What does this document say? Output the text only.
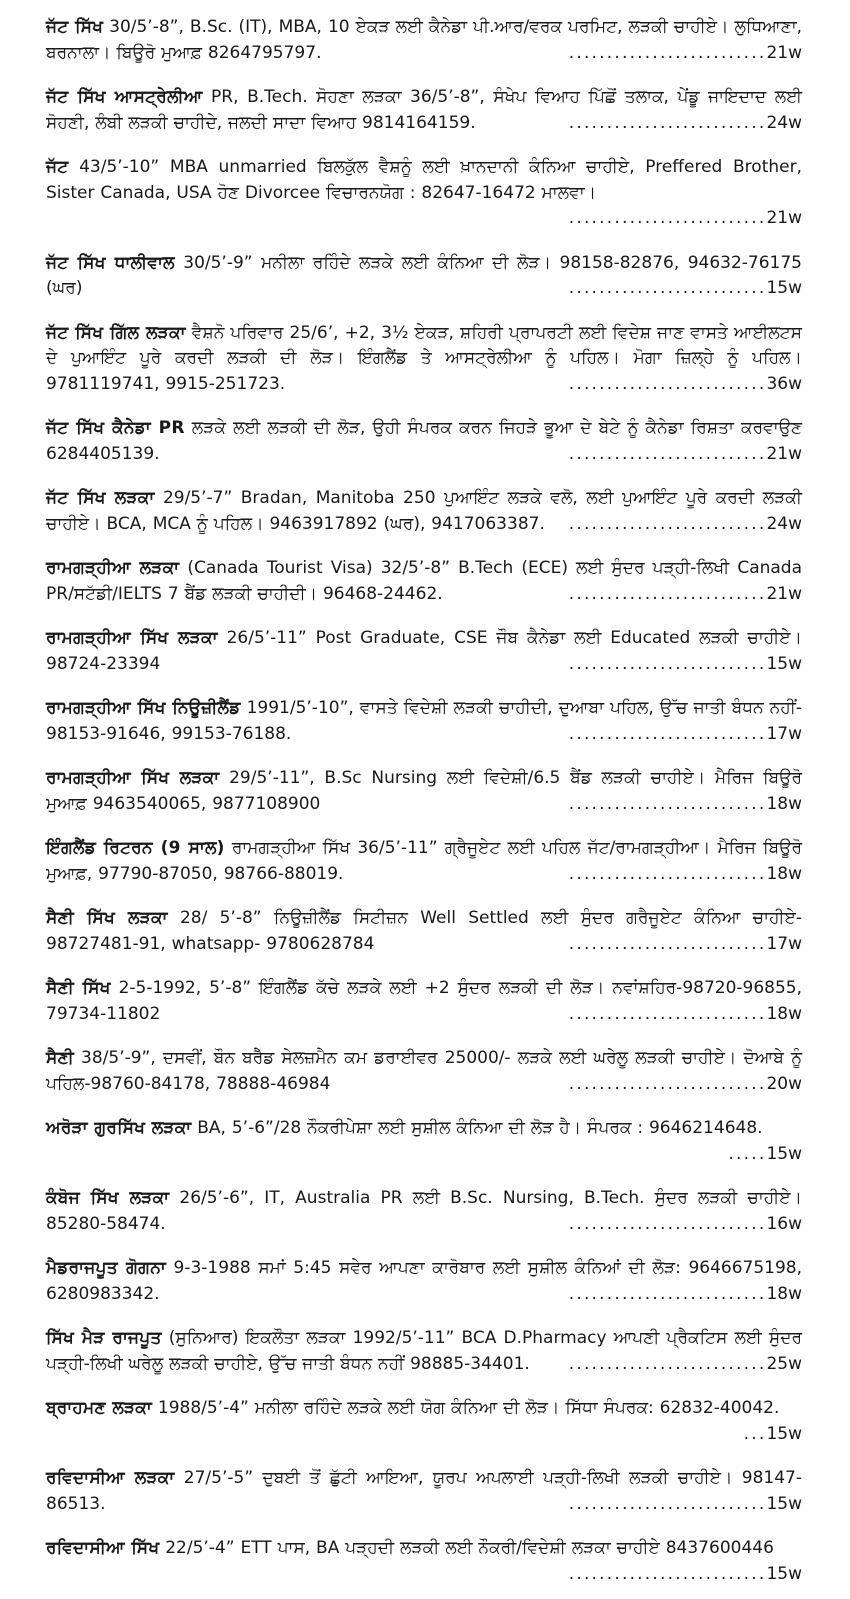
ਜੱਟ ਸਿੱਖ 30/5’-8”, B.Sc. (IT), MBA, 10 ਏਕੜ ਲਈ ਕੈਨੇਡਾ ਪੀ.ਆਰ/ਵਰਕ ਪਰਮਿਟ, ਲੜਕੀ ਚਾਹੀਏ। ਲੁਧਿਆਣਾ, ਬਰਨਾਲਾ। ਬਿਊਰੋ ਮੁਆਫ਼ 8264795797.	..........................21w

ਜੱਟ ਸਿੱਖ ਆਸਟ੍ਰੇਲੀਆ PR, B.Tech. ਸੋਹਣਾ ਲੜਕਾ 36/5’-8”, ਸੰਖੇਪ ਵਿਆਹ ਪਿੱਛੋਂ ਤਲਾਕ, ਪੇਂਡੂ ਜਾਇਦਾਦ ਲਈ ਸੋਹਣੀ, ਲੰਬੀ ਲੜਕੀ ਚਾਹੀਦੇ, ਜਲਦੀ ਸਾਦਾ ਵਿਆਹ 9814164159.	..........................24w

ਜੱਟ 43/5’-10” MBA unmarried ਬਿਲਕੁੱਲ ਵੈਸ਼ਨੂੰ ਲਈ ਖ਼ਾਨਦਾਨੀ ਕੰਨਿਆ ਚਾਹੀਏ, Preffered Brother, Sister Canada, USA ਹੋਣ Divorcee ਵਿਚਾਰਨਯੋਗ : 82647-16472 ਮਾਲਵਾ।
..........................21w

ਜੱਟ ਸਿੱਖ ਧਾਲੀਵਾਲ 30/5’-9” ਮਨੀਲਾ ਰਹਿੰਦੇ ਲੜਕੇ ਲਈ ਕੰਨਿਆ ਦੀ ਲੋੜ। 98158-82876, 94632-76175 (ਘਰ)	..........................15w

ਜੱਟ ਸਿੱਖ ਗਿੱਲ ਲੜਕਾ ਵੈਸ਼ਨੋ ਪਰਿਵਾਰ 25/6’, +2, 3½ ਏਕੜ, ਸ਼ਹਿਰੀ ਪ੍ਰਾਪਰਟੀ ਲਈ ਵਿਦੇਸ਼ ਜਾਣ ਵਾਸਤੇ ਆਈਲਟਸ ਦੇ ਪੁਆਇੰਟ ਪੂਰੇ ਕਰਦੀ ਲੜਕੀ ਦੀ ਲੋੜ। ਇੰਗਲੈਂਡ ਤੇ ਆਸਟ੍ਰੇਲੀਆ ਨੂੰ ਪਹਿਲ। ਮੋਗਾ ਜ਼ਿਲ੍ਹੇ ਨੂੰ ਪਹਿਲ। 9781119741, 9915-251723.	..........................36w

ਜੱਟ ਸਿੱਖ ਕੈਨੇਡਾ PR ਲੜਕੇ ਲਈ ਲੜਕੀ ਦੀ ਲੋੜ, ਉਹੀ ਸੰਪਰਕ ਕਰਨ ਜਿਹੜੇ ਭੂਆ ਦੇ ਬੇਟੇ ਨੂੰ ਕੈਨੇਡਾ ਰਿਸ਼ਤਾ ਕਰਵਾਉਣ 6284405139.	..........................21w

ਜੱਟ ਸਿੱਖ ਲੜਕਾ 29/5’-7” Bradan, Manitoba 250 ਪੁਆਇੰਟ ਲੜਕੇ ਵਲੋ, ਲਈ ਪੁਆਇੰਟ ਪੂਰੇ ਕਰਦੀ ਲੜਕੀ ਚਾਹੀਏ। BCA, MCA ਨੂੰ ਪਹਿਲ। 9463917892 (ਘਰ), 9417063387.	..........................24w

ਰਾਮਗੜ੍ਹੀਆ ਲੜਕਾ (Canada Tourist Visa) 32/5’-8” B.Tech (ECE) ਲਈ ਸੁੰਦਰ ਪੜ੍ਹੀ-ਲਿਖੀ Canada PR/ਸਟੱਡੀ/IELTS 7 ਬੈਂਡ ਲੜਕੀ ਚਾਹੀਦੀ। 96468-24462.	..........................21w

ਰਾਮਗੜ੍ਹੀਆ ਸਿੱਖ ਲੜਕਾ 26/5’-11” Post Graduate, CSE ਜੌਬ ਕੈਨੇਡਾ ਲਈ Educated ਲੜਕੀ ਚਾਹੀਏ। 98724-23394	..........................15w

ਰਾਮਗੜ੍ਹੀਆ ਸਿੱਖ ਨਿਊਜ਼ੀਲੈਂਡ 1991/5’-10”, ਵਾਸਤੇ ਵਿਦੇਸ਼ੀ ਲੜਕੀ ਚਾਹੀਦੀ, ਦੁਆਬਾ ਪਹਿਲ, ਉੱਚ ਜਾਤੀ ਬੰਧਨ ਨਹੀਂ- 98153-91646, 99153-76188.	..........................17w

ਰਾਮਗੜ੍ਹੀਆ ਸਿੱਖ ਲੜਕਾ 29/5’-11”, B.Sc Nursing ਲਈ ਵਿਦੇਸ਼ੀ/6.5 ਬੈਂਡ ਲੜਕੀ ਚਾਹੀਏ। ਮੈਰਿਜ ਬਿਊਰੋ ਮੁਆਫ਼ 9463540065, 9877108900	..........................18w

ਇੰਗਲੈਂਡ ਰਿਟਰਨ (9 ਸਾਲ) ਰਾਮਗੜ੍ਹੀਆ ਸਿੱਖ 36/5’-11” ਗ੍ਰੈਜੂਏਟ ਲਈ ਪਹਿਲ ਜੱਟ/ਰਾਮਗੜ੍ਹੀਆ। ਮੈਰਿਜ ਬਿਊਰੋ ਮੁਆਫ਼, 97790-87050, 98766-88019.	..........................18w

ਸੈਣੀ ਸਿੱਖ ਲੜਕਾ 28/ 5’-8” ਨਿਊਜ਼ੀਲੈਂਡ ਸਿਟੀਜ਼ਨ Well Settled ਲਈ ਸੁੰਦਰ ਗਰੈਜੂਏਟ ਕੰਨਿਆ ਚਾਹੀਏ- 98727481-91, whatsapp- 9780628784	..........................17w

ਸੈਣੀ ਸਿੱਖ 2-5-1992, 5’-8” ਇੰਗਲੈਂਡ ਕੱਚੇ ਲੜਕੇ ਲਈ +2 ਸੁੰਦਰ ਲੜਕੀ ਦੀ ਲੋੜ। ਨਵਾਂਸ਼ਹਿਰ-98720-96855, 79734-11802	..........................18w

ਸੈਣੀ 38/5’-9”, ਦਸਵੀਂ, ਬੌਨ ਬਰੈੱਡ ਸੇਲਜ਼ਮੈਨ ਕਮ ਡਰਾਈਵਰ 25000/- ਲੜਕੇ ਲਈ ਘਰੇਲੂ ਲੜਕੀ ਚਾਹੀਏ। ਦੋਆਬੇ ਨੂੰ ਪਹਿਲ-98760-84178, 78888-46984	..........................20w

ਅਰੋੜਾ ਗੁਰਸਿੱਖ ਲੜਕਾ BA, 5’-6”/28 ਨੌਕਰੀਪੇਸ਼ਾ ਲਈ ਸੁਸ਼ੀਲ ਕੰਨਿਆ ਦੀ ਲੋੜ ਹੈ। ਸੰਪਰਕ : 9646214648.
.....15w

ਕੰਬੋਜ ਸਿੱਖ ਲੜਕਾ 26/5’-6”, IT, Australia PR ਲਈ B.Sc. Nursing, B.Tech. ਸੁੰਦਰ ਲੜਕੀ ਚਾਹੀਏ। 85280-58474.	..........................16w

ਮੈਡਰਾਜਪੂਤ ਗੋਗਨਾ 9-3-1988 ਸਮਾਂ 5:45 ਸਵੇਰ ਆਪਣਾ ਕਾਰੋਬਾਰ ਲਈ ਸੁਸ਼ੀਲ ਕੰਨਿਆਂ ਦੀ ਲੋੜ: 9646675198, 6280983342.	..........................18w

ਸਿੱਖ ਮੈੜ ਰਾਜਪੂਤ (ਸੁਨਿਆਰ) ਇਕਲੌਤਾ ਲੜਕਾ 1992/5’-11” BCA D.Pharmacy ਆਪਣੀ ਪ੍ਰੈਕਟਿਸ ਲਈ ਸੁੰਦਰ ਪੜ੍ਹੀ-ਲਿਖੀ ਘਰੇਲੂ ਲੜਕੀ ਚਾਹੀਏ, ਉੱਚ ਜਾਤੀ ਬੰਧਨ ਨਹੀਂ 98885-34401.	..........................25w

ਬ੍ਰਾਹਮਣ ਲੜਕਾ 1988/5’-4” ਮਨੀਲਾ ਰਹਿੰਦੇ ਲੜਕੇ ਲਈ ਯੋਗ ਕੰਨਿਆ ਦੀ ਲੋੜ। ਸਿੱਧਾ ਸੰਪਰਕ: 62832-40042.
...15w

ਰਵਿਦਾਸੀਆ ਲੜਕਾ 27/5’-5” ਦੁਬਈ ਤੋਂ ਛੁੱਟੀ ਆਇਆ, ਯੂਰਪ ਅਪਲਾਈ ਪੜ੍ਹੀ-ਲਿਖੀ ਲੜਕੀ ਚਾਹੀਏ। 98147-86513.	..........................15w

ਰਵਿਦਾਸੀਆ ਸਿੱਖ 22/5’-4” ETT ਪਾਸ, BA ਪੜ੍ਹਦੀ ਲੜਕੀ ਲਈ ਨੌਕਰੀ/ਵਿਦੇਸ਼ੀ ਲੜਕਾ ਚਾਹੀਏ 8437600446
..........................15w
